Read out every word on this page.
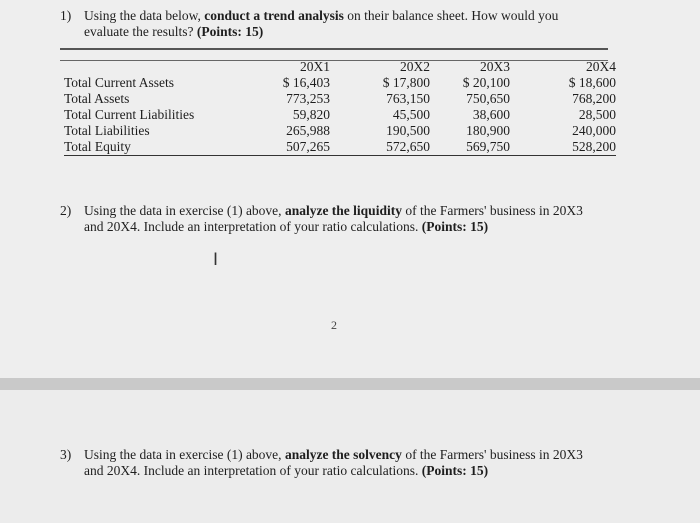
1) Using the data below, conduct a trend analysis on their balance sheet. How would you
evaluate the results? (Points: 15)
	20X1	20X2	20X3	20X4
Total Current Assets	$ 16,403	$ 17,800	$ 20,100	$ 18,600
Total Assets	773,253	763,150	750,650	768,200
Total Current Liabilities	59,820	45,500	38,600	28,500
Total Liabilities	265,988	190,500	180,900	240,000
Total Equity	507,265	572,650	569,750	528,200
2) Using the data in exercise (1) above, analyze the liquidity of the Farmers' business in 20X3
and 20X4. Include an interpretation of your ratio calculations. (Points: 15)
I
2
3) Using the data in exercise (1) above, analyze the solvency of the Farmers' business in 20X3
and 20X4. Include an interpretation of your ratio calculations. (Points: 15)
